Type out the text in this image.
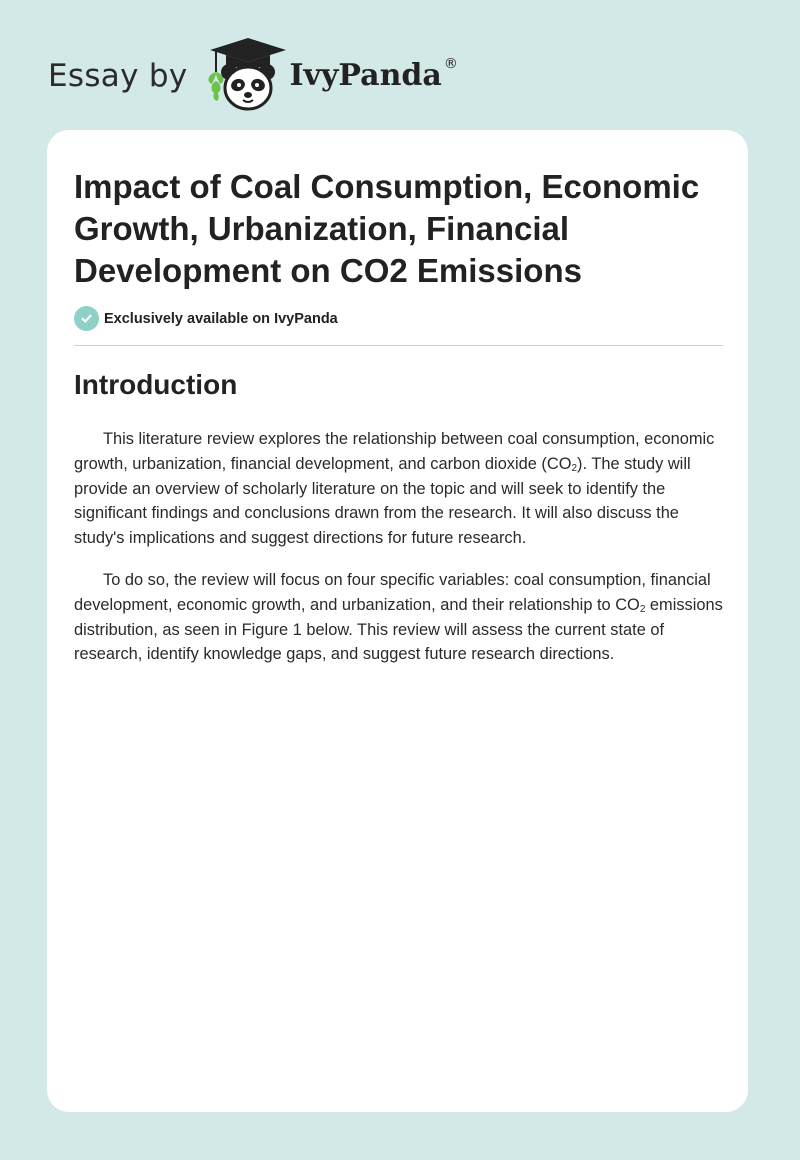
Essay by	IvyPanda ®
Impact of Coal Consumption, Economic Growth, Urbanization, Financial Development on CO2 Emissions
Exclusively available on IvyPanda
Introduction

This literature review explores the relationship between coal consumption, economic growth, urbanization, financial development, and carbon dioxide $(CO_2)$. The study will provide an overview of scholarly literature on the topic and will seek to identify the significant findings and conclusions drawn from the research. It will also discuss the study's implications and suggest directions for future research.

To do so, the review will focus on four specific variables: coal consumption, financial development, economic growth, and urbanization, and their relationship to $CO_2$ emissions distribution, as seen in Figure 1 below. This review will assess the current state of research, identify knowledge gaps, and suggest future research directions.
